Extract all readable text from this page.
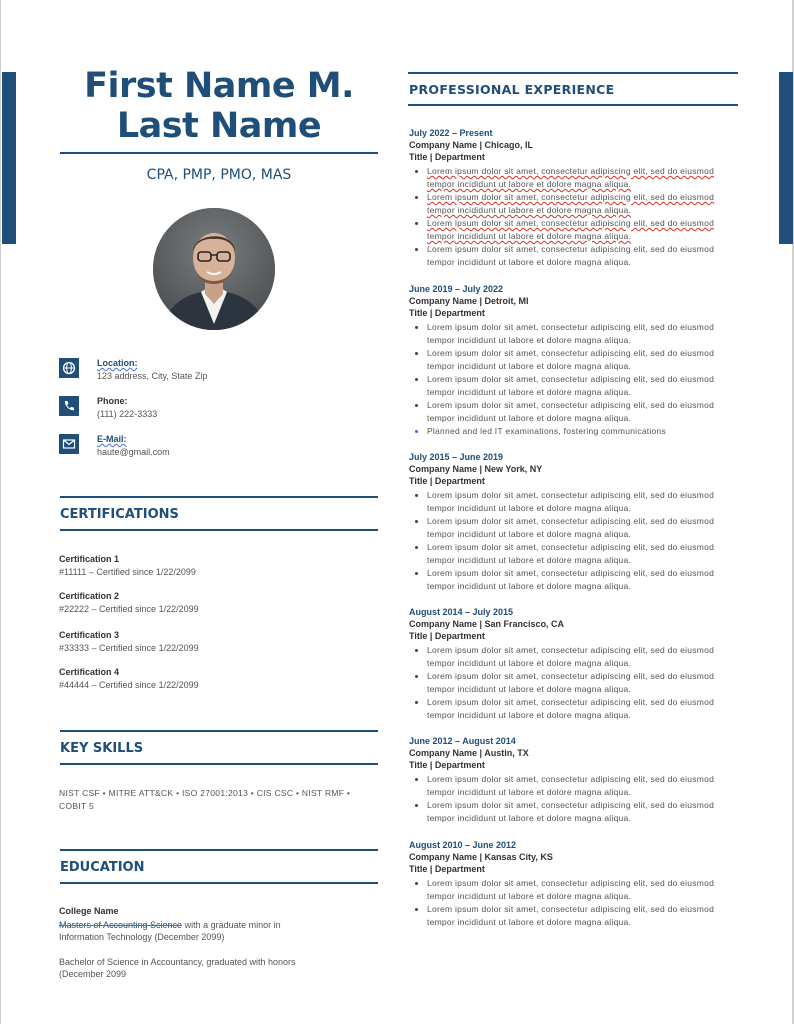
First Name M.
Last Name
CPA, PMP, PMO, MAS
Location:
123 address, City, State Zip
Phone:
(111) 222-3333
E-Mail:
haute@gmail.com
CERTIFICATIONS
Certification 1
#11111 – Certified since 1/22/2099
Certification 2
#22222 – Certified since 1/22/2099
Certification 3
#33333 – Certified since 1/22/2099
Certification 4
#44444 – Certified since 1/22/2099
KEY SKILLS
NIST CSF • MITRE ATT&CK • ISO 27001:2013 • CIS CSC • NIST RMF • COBIT 5
EDUCATION
College Name
Masters of Accounting Science with a graduate minor in
Information Technology (December 2099)
Bachelor of Science in Accountancy, graduated with honors
(December 2099
PROFESSIONAL EXPERIENCE
July 2022 – Present
Company Name | Chicago, IL
Title | Department
• Lorem ipsum dolor sit amet, consectetur adipiscing elit, sed do eiusmod tempor incididunt ut labore et dolore magna aliqua.
• Lorem ipsum dolor sit amet, consectetur adipiscing elit, sed do eiusmod tempor incididunt ut labore et dolore magna aliqua.
• Lorem ipsum dolor sit amet, consectetur adipiscing elit, sed do eiusmod tempor incididunt ut labore et dolore magna aliqua.
• Lorem ipsum dolor sit amet, consectetur adipiscing elit, sed do eiusmod tempor incididunt ut labore et dolore magna aliqua.
June 2019 – July 2022
Company Name | Detroit, MI
Title | Department
• Lorem ipsum dolor sit amet, consectetur adipiscing elit, sed do eiusmod tempor incididunt ut labore et dolore magna aliqua.
• Lorem ipsum dolor sit amet, consectetur adipiscing elit, sed do eiusmod tempor incididunt ut labore et dolore magna aliqua.
• Lorem ipsum dolor sit amet, consectetur adipiscing elit, sed do eiusmod tempor incididunt ut labore et dolore magna aliqua.
• Lorem ipsum dolor sit amet, consectetur adipiscing elit, sed do eiusmod tempor incididunt ut labore et dolore magna aliqua.
• Planned and led IT examinations, fostering communications
July 2015 – June 2019
Company Name | New York, NY
Title | Department
• Lorem ipsum dolor sit amet, consectetur adipiscing elit, sed do eiusmod tempor incididunt ut labore et dolore magna aliqua.
• Lorem ipsum dolor sit amet, consectetur adipiscing elit, sed do eiusmod tempor incididunt ut labore et dolore magna aliqua.
• Lorem ipsum dolor sit amet, consectetur adipiscing elit, sed do eiusmod tempor incididunt ut labore et dolore magna aliqua.
• Lorem ipsum dolor sit amet, consectetur adipiscing elit, sed do eiusmod tempor incididunt ut labore et dolore magna aliqua.
August 2014 – July 2015
Company Name | San Francisco, CA
Title | Department
• Lorem ipsum dolor sit amet, consectetur adipiscing elit, sed do eiusmod tempor incididunt ut labore et dolore magna aliqua.
• Lorem ipsum dolor sit amet, consectetur adipiscing elit, sed do eiusmod tempor incididunt ut labore et dolore magna aliqua.
• Lorem ipsum dolor sit amet, consectetur adipiscing elit, sed do eiusmod tempor incididunt ut labore et dolore magna aliqua.
June 2012 – August 2014
Company Name | Austin, TX
Title | Department
• Lorem ipsum dolor sit amet, consectetur adipiscing elit, sed do eiusmod tempor incididunt ut labore et dolore magna aliqua.
• Lorem ipsum dolor sit amet, consectetur adipiscing elit, sed do eiusmod tempor incididunt ut labore et dolore magna aliqua.
August 2010 – June 2012
Company Name | Kansas City, KS
Title | Department
• Lorem ipsum dolor sit amet, consectetur adipiscing elit, sed do eiusmod tempor incididunt ut labore et dolore magna aliqua.
• Lorem ipsum dolor sit amet, consectetur adipiscing elit, sed do eiusmod tempor incididunt ut labore et dolore magna aliqua.
